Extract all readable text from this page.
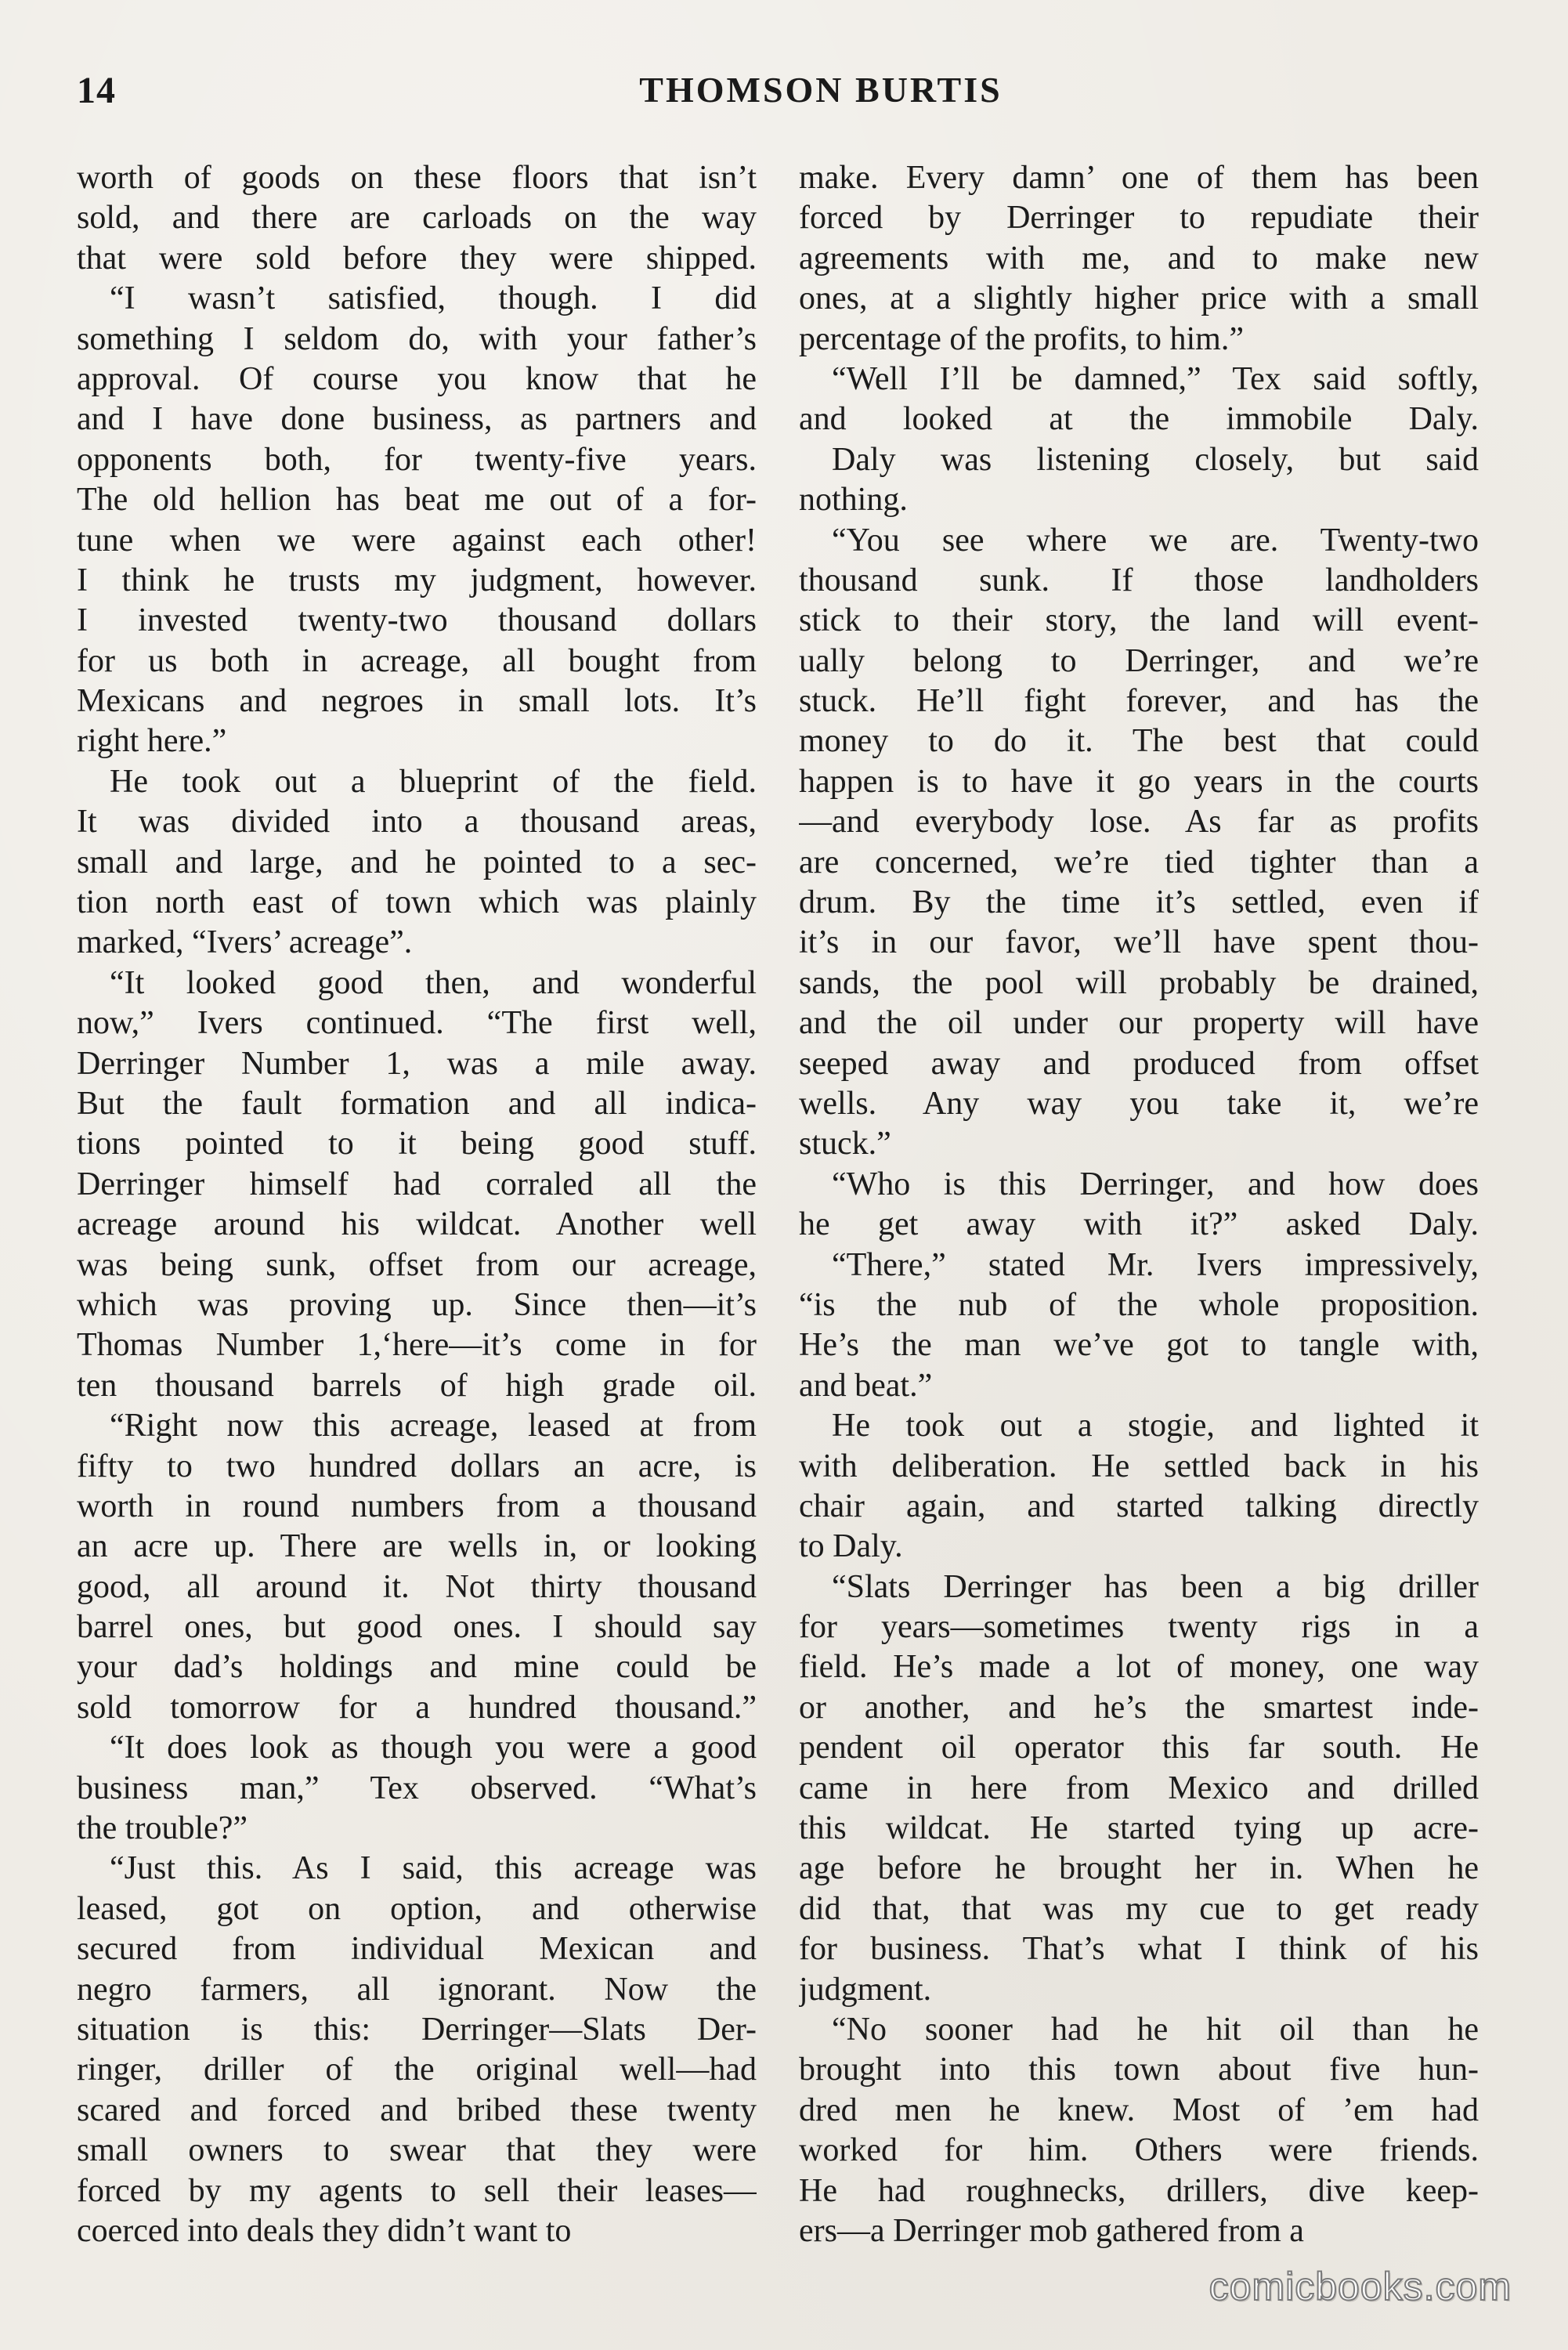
14	THOMSON BURTIS
worth of goods on these floors that isn’t
sold, and there are carloads on the way
that were sold before they were shipped.
“I wasn’t satisfied, though. I did
something I seldom do, with your father’s
approval. Of course you know that he
and I have done business, as partners and
opponents both, for twenty-five years.
The old hellion has beat me out of a for-
tune when we were against each other!
I think he trusts my judgment, however.
I invested twenty-two thousand dollars
for us both in acreage, all bought from
Mexicans and negroes in small lots. It’s
right here.”
He took out a blueprint of the field.
It was divided into a thousand areas,
small and large, and he pointed to a sec-
tion north east of town which was plainly
marked, “Ivers’ acreage”.
“It looked good then, and wonderful
now,” Ivers continued. “The first well,
Derringer Number 1, was a mile away.
But the fault formation and all indica-
tions pointed to it being good stuff.
Derringer himself had corraled all the
acreage around his wildcat. Another well
was being sunk, offset from our acreage,
which was proving up. Since then—it’s
Thomas Number 1,‘here—it’s come in for
ten thousand barrels of high grade oil.
“Right now this acreage, leased at from
fifty to two hundred dollars an acre, is
worth in round numbers from a thousand
an acre up. There are wells in, or looking
good, all around it. Not thirty thousand
barrel ones, but good ones. I should say
your dad’s holdings and mine could be
sold tomorrow for a hundred thousand.”
“It does look as though you were a good
business man,” Tex observed. “What’s
the trouble?”
“Just this. As I said, this acreage was
leased, got on option, and otherwise
secured from individual Mexican and
negro farmers, all ignorant. Now the
situation is this: Derringer—Slats Der-
ringer, driller of the original well—had
scared and forced and bribed these twenty
small owners to swear that they were
forced by my agents to sell their leases—
coerced into deals they didn’t want to
make. Every damn’ one of them has been
forced by Derringer to repudiate their
agreements with me, and to make new
ones, at a slightly higher price with a small
percentage of the profits, to him.”
“Well I’ll be damned,” Tex said softly,
and looked at the immobile Daly.
Daly was listening closely, but said
nothing.
“You see where we are. Twenty-two
thousand sunk. If those landholders
stick to their story, the land will event-
ually belong to Derringer, and we’re
stuck. He’ll fight forever, and has the
money to do it. The best that could
happen is to have it go years in the courts
—and everybody lose. As far as profits
are concerned, we’re tied tighter than a
drum. By the time it’s settled, even if
it’s in our favor, we’ll have spent thou-
sands, the pool will probably be drained,
and the oil under our property will have
seeped away and produced from offset
wells. Any way you take it, we’re
stuck.”
“Who is this Derringer, and how does
he get away with it?” asked Daly.
“There,” stated Mr. Ivers impressively,
“is the nub of the whole proposition.
He’s the man we’ve got to tangle with,
and beat.”
He took out a stogie, and lighted it
with deliberation. He settled back in his
chair again, and started talking directly
to Daly.
“Slats Derringer has been a big driller
for years—sometimes twenty rigs in a
field. He’s made a lot of money, one way
or another, and he’s the smartest inde-
pendent oil operator this far south. He
came in here from Mexico and drilled
this wildcat. He started tying up acre-
age before he brought her in. When he
did that, that was my cue to get ready
for business. That’s what I think of his
judgment.
“No sooner had he hit oil than he
brought into this town about five hun-
dred men he knew. Most of ’em had
worked for him. Others were friends.
He had roughnecks, drillers, dive keep-
ers—a Derringer mob gathered from a
comicbooks.com
